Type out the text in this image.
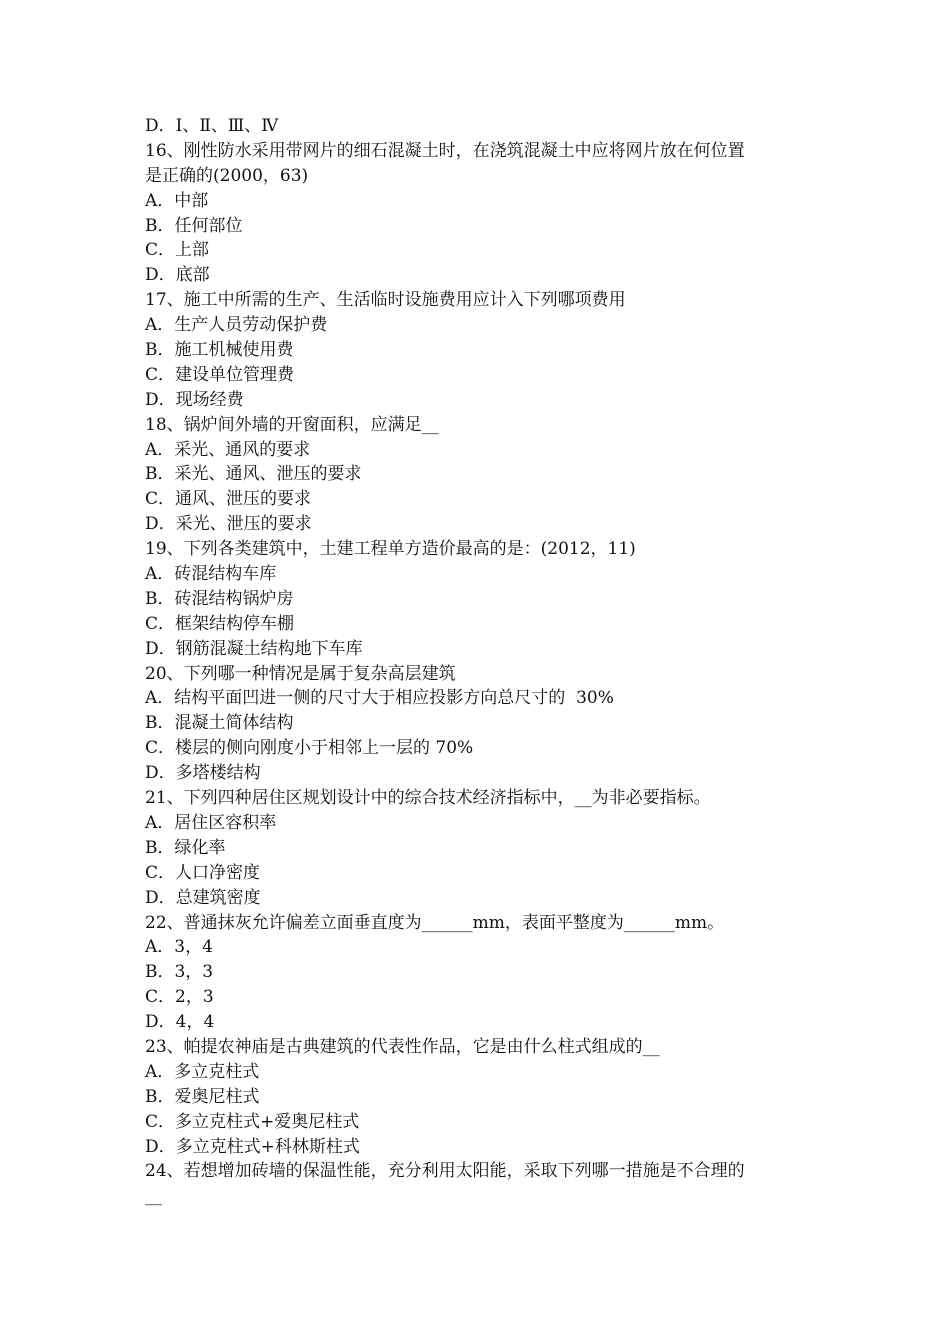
D．Ⅰ、Ⅱ、Ⅲ、Ⅳ
16、刚性防水采用带网片的细石混凝土时，在浇筑混凝土中应将网片放在何位置
是正确的(2000，63)
A．中部
B．任何部位
C．上部
D．底部
17、施工中所需的生产、生活临时设施费用应计入下列哪项费用
A．生产人员劳动保护费
B．施工机械使用费
C．建设单位管理费
D．现场经费
18、锅炉间外墙的开窗面积，应满足__
A．采光、通风的要求
B．采光、通风、泄压的要求
C．通风、泄压的要求
D．采光、泄压的要求
19、下列各类建筑中，土建工程单方造价最高的是：(2012，11)
A．砖混结构车库
B．砖混结构锅炉房
C．框架结构停车棚
D．钢筋混凝土结构地下车库
20、下列哪一种情况是属于复杂高层建筑
A．结构平面凹进一侧的尺寸大于相应投影方向总尺寸的  30%
B．混凝土简体结构
C．楼层的侧向刚度小于相邻上一层的 70%
D．多塔楼结构
21、下列四种居住区规划设计中的综合技术经济指标中，__为非必要指标。
A．居住区容积率
B．绿化率
C．人口净密度
D．总建筑密度
22、普通抹灰允许偏差立面垂直度为______mm，表面平整度为______mm。
A．3，4
B．3，3
C．2，3
D．4，4
23、帕提农神庙是古典建筑的代表性作品，它是由什么柱式组成的__
A．多立克柱式
B．爱奥尼柱式
C．多立克柱式+爱奥尼柱式
D．多立克柱式+科林斯柱式
24、若想增加砖墙的保温性能，充分利用太阳能，采取下列哪一措施是不合理的
__
